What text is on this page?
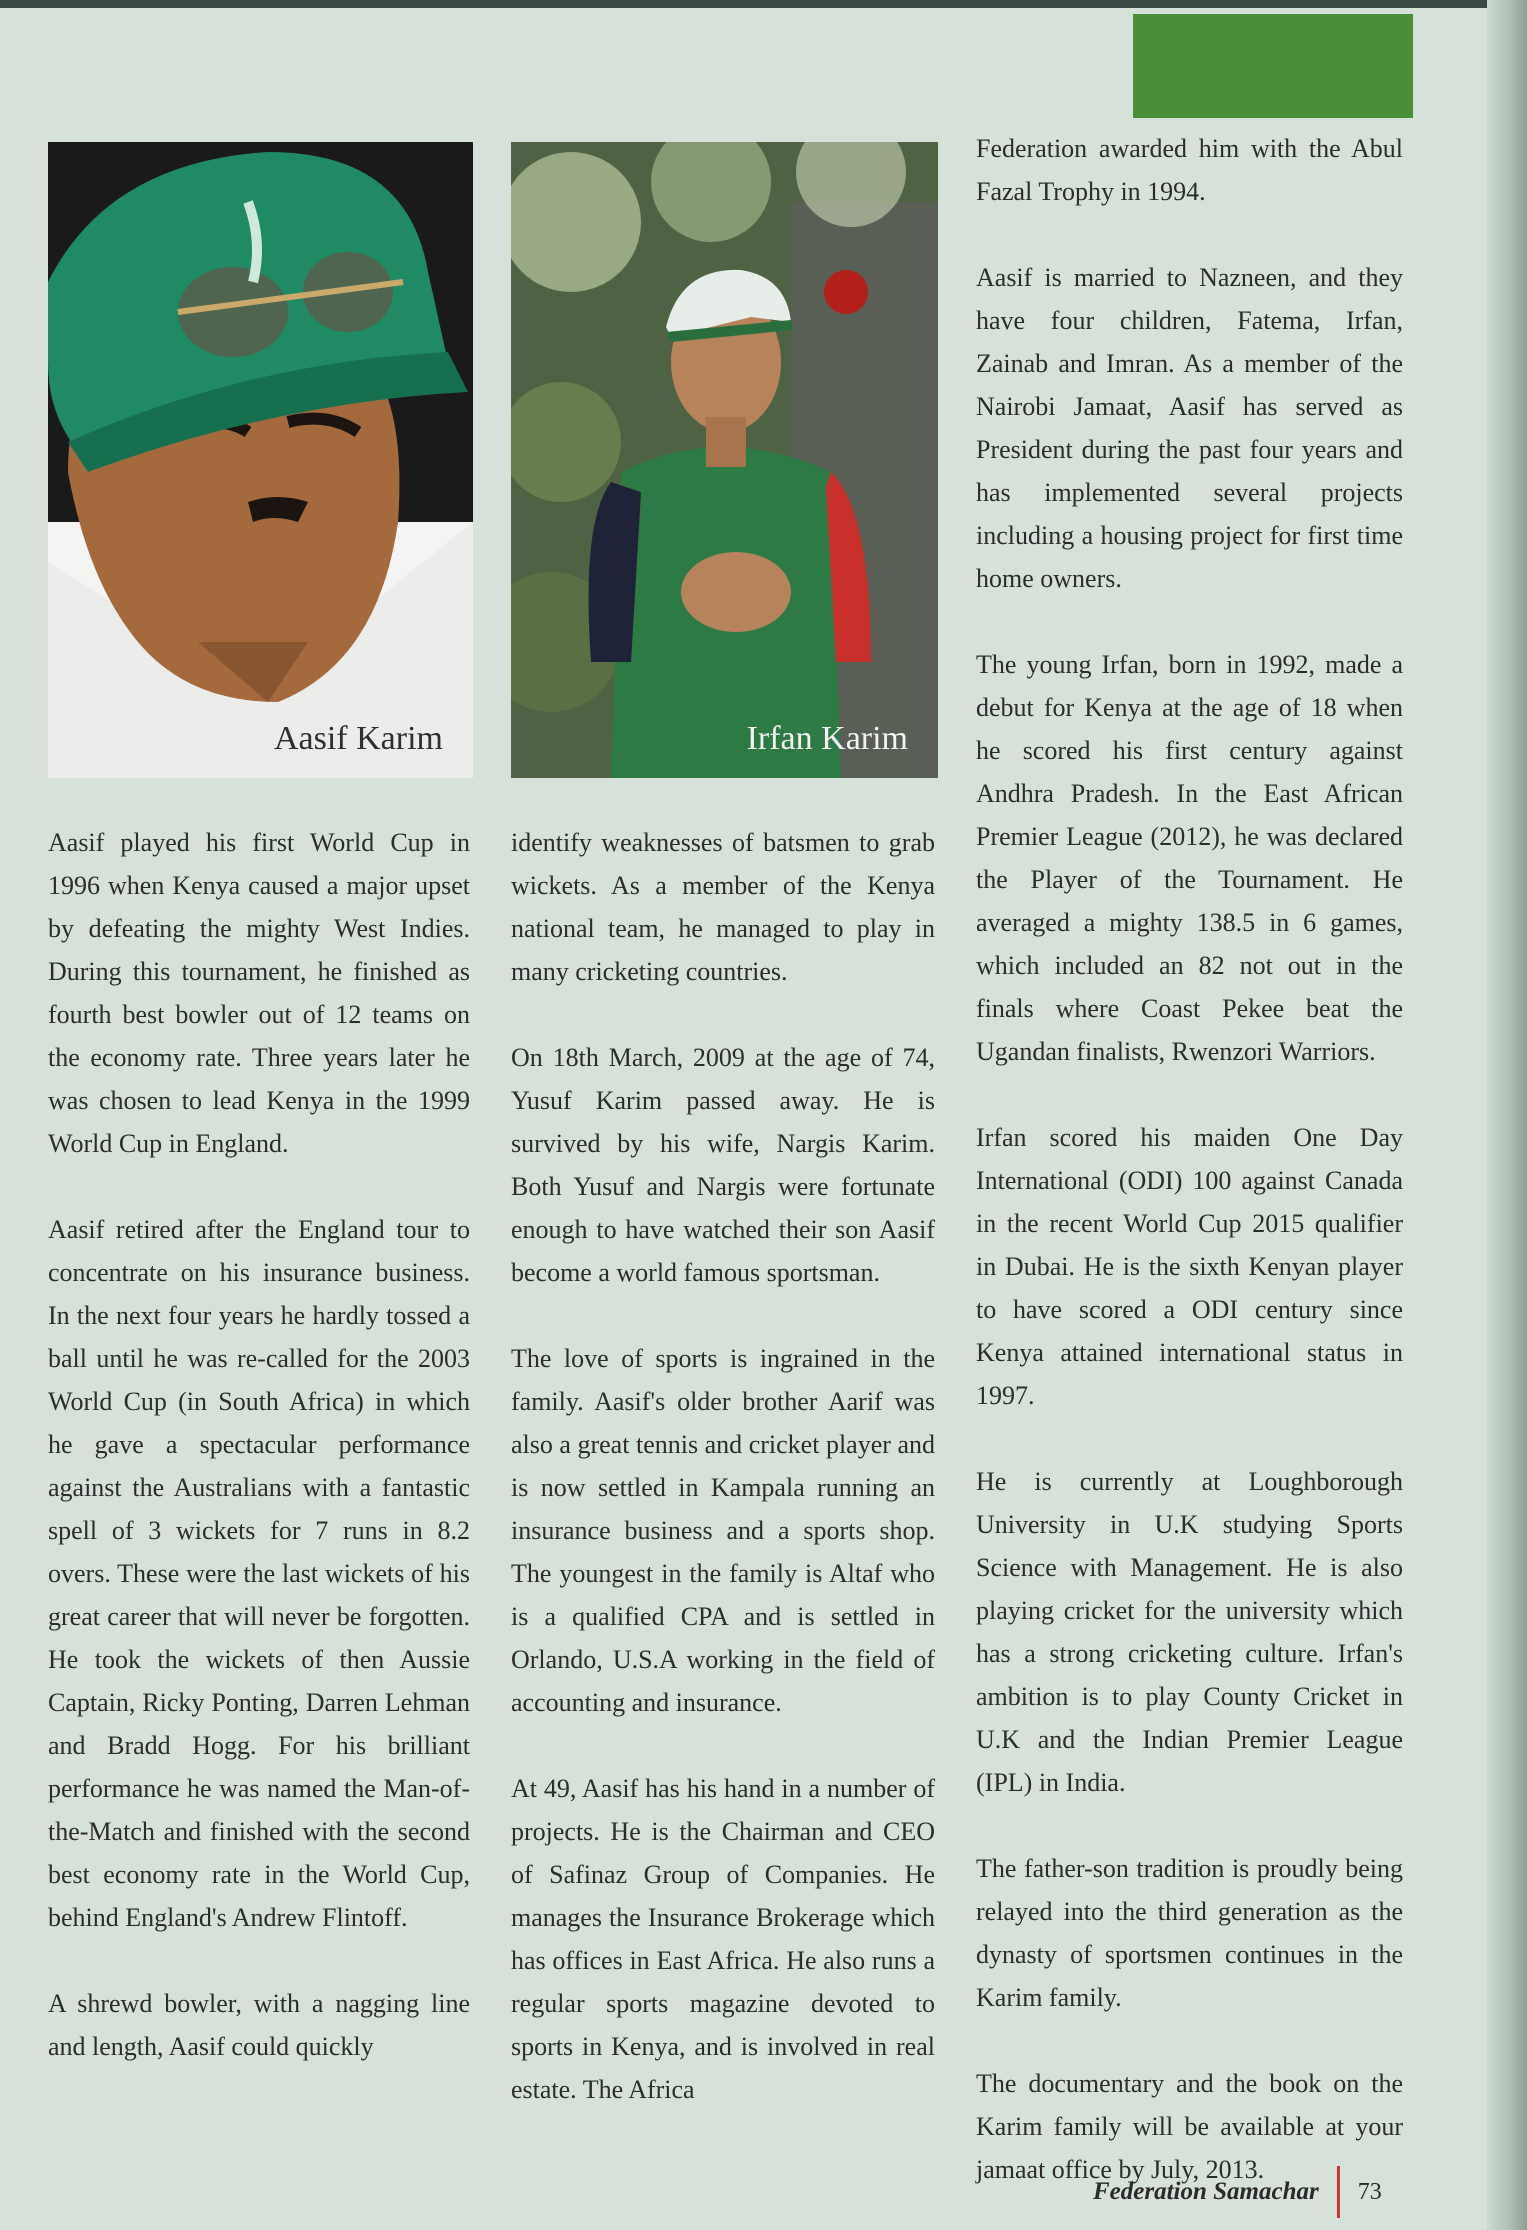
Aasif Karim	Irfan Karim

Aasif played his first World Cup in 1996 when Kenya caused a major upset by defeating the mighty West Indies. During this tournament, he finished as fourth best bowler out of 12 teams on the economy rate. Three years later he was chosen to lead Kenya in the 1999 World Cup in England.

Aasif retired after the England tour to concentrate on his insurance business. In the next four years he hardly tossed a ball until he was re-called for the 2003 World Cup (in South Africa) in which he gave a spectacular performance against the Australians with a fantastic spell of 3 wickets for 7 runs in 8.2 overs. These were the last wickets of his great career that will never be forgotten. He took the wickets of then Aussie Captain, Ricky Ponting, Darren Lehman and Bradd Hogg. For his brilliant performance he was named the Man-of-the-Match and finished with the second best economy rate in the World Cup, behind England's Andrew Flintoff.

A shrewd bowler, with a nagging line and length, Aasif could quickly

identify weaknesses of batsmen to grab wickets. As a member of the Kenya national team, he managed to play in many cricketing countries.

On 18th March, 2009 at the age of 74, Yusuf Karim passed away. He is survived by his wife, Nargis Karim. Both Yusuf and Nargis were fortunate enough to have watched their son Aasif become a world famous sportsman.

The love of sports is ingrained in the family. Aasif's older brother Aarif was also a great tennis and cricket player and is now settled in Kampala running an insurance business and a sports shop. The youngest in the family is Altaf who is a qualified CPA and is settled in Orlando, U.S.A working in the field of accounting and insurance.

At 49, Aasif has his hand in a number of projects. He is the Chairman and CEO of Safinaz Group of Companies. He manages the Insurance Brokerage which has offices in East Africa. He also runs a regular sports magazine devoted to sports in Kenya, and is involved in real estate. The Africa

Federation awarded him with the Abul Fazal Trophy in 1994.

Aasif is married to Nazneen, and they have four children, Fatema, Irfan, Zainab and Imran. As a member of the Nairobi Jamaat, Aasif has served as President during the past four years and has implemented several projects including a housing project for first time home owners.

The young Irfan, born in 1992, made a debut for Kenya at the age of 18 when he scored his first century against Andhra Pradesh. In the East African Premier League (2012), he was declared the Player of the Tournament. He averaged a mighty 138.5 in 6 games, which included an 82 not out in the finals where Coast Pekee beat the Ugandan finalists, Rwenzori Warriors.

Irfan scored his maiden One Day International (ODI) 100 against Canada in the recent World Cup 2015 qualifier in Dubai. He is the sixth Kenyan player to have scored a ODI century since Kenya attained international status in 1997.

He is currently at Loughborough University in U.K studying Sports Science with Management. He is also playing cricket for the university which has a strong cricketing culture. Irfan's ambition is to play County Cricket in U.K and the Indian Premier League (IPL) in India.

The father-son tradition is proudly being relayed into the third generation as the dynasty of sportsmen continues in the Karim family.

The documentary and the book on the Karim family will be available at your jamaat office by July, 2013.

Federation Samachar 73
